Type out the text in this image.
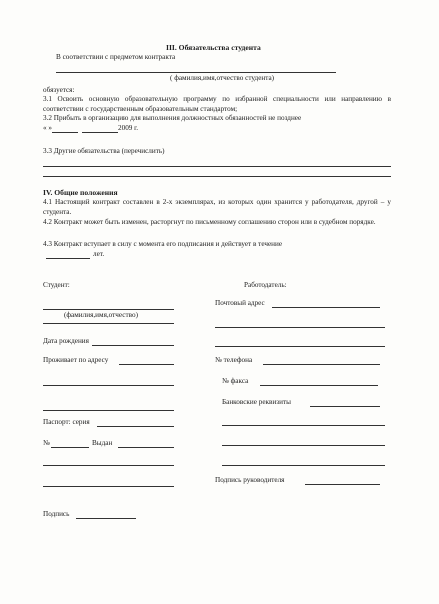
III. Обязательства студента
В соответствии с предметом контракта
( фамилия,имя,отчество студента)
обязуется:
3.1 Освоить основную образовательную программу по избранной специальности или направлению в соответствии с государственным образовательным стандартом;
3.2 Прибыть в организацию для выполнения должностных обязанностей не позднее
« »	2009 г.
3.3 Другие обязательства (перечислить)
IV. Общие положения
4.1 Настоящий контракт составлен в 2-х экземплярах, из которых один хранится у работодателя, другой – у студента.
4.2 Контракт может быть изменен, расторгнут по письменному соглашению сторон или в судебном порядке.
4.3 Контракт вступает в силу с момента его подписания и действует в течение
лет.
Студент:
(фамилия,имя,отчество)
Дата рождения
Проживает по адресу
Паспорт: серия
№	Выдан
Подпись
Работодатель:
Почтовый адрес
№ телефона
№ факса
Банковские реквизиты
Подпись руководителя
